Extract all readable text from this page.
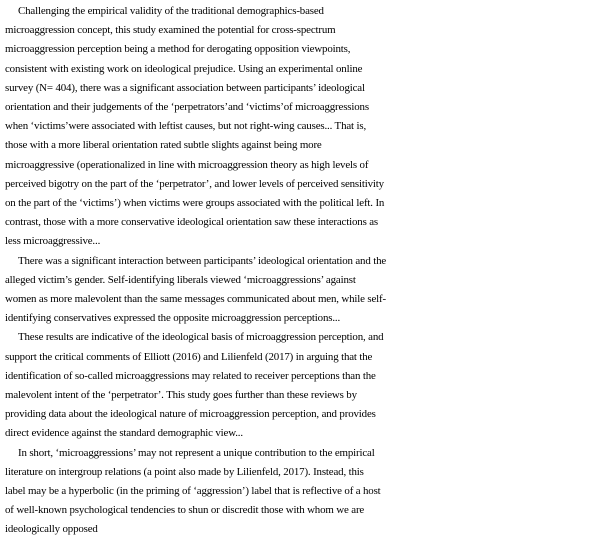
Challenging the empirical validity of the traditional demographics-based
microaggression concept, this study examined the potential for cross-spectrum
microaggression perception being a method for derogating opposition viewpoints,
consistent with existing work on ideological prejudice. Using an experimental online
survey (N= 404), there was a significant association between participants’ ideological
orientation and their judgements of the ‘perpetrators’and ‘victims’of microaggressions
when ‘victims’were associated with leftist causes, but not right-wing causes... That is,
those with a more liberal orientation rated subtle slights against being more
microaggressive (operationalized in line with microaggression theory as high levels of
perceived bigotry on the part of the ‘perpetrator’, and lower levels of perceived sensitivity
on the part of the ‘victims’) when victims were groups associated with the political left. In
contrast, those with a more conservative ideological orientation saw these interactions as
less microaggressive...

There was a significant interaction between participants’ ideological orientation and the
alleged victim’s gender. Self-identifying liberals viewed ‘microaggressions’ against
women as more malevolent than the same messages communicated about men, while self-
identifying conservatives expressed the opposite microaggression perceptions...

These results are indicative of the ideological basis of microaggression perception, and
support the critical comments of Elliott (2016) and Lilienfeld (2017) in arguing that the
identification of so-called microaggressions may related to receiver perceptions than the
malevolent intent of the ‘perpetrator’. This study goes further than these reviews by
providing data about the ideological nature of microaggression perception, and provides
direct evidence against the standard demographic view...

In short, ‘microaggressions’ may not represent a unique contribution to the empirical
literature on intergroup relations (a point also made by Lilienfeld, 2017). Instead, this
label may be a hyperbolic (in the priming of ‘aggression’) label that is reflective of a host
of well-known psychological tendencies to shun or discredit those with whom we are
ideologically opposed
